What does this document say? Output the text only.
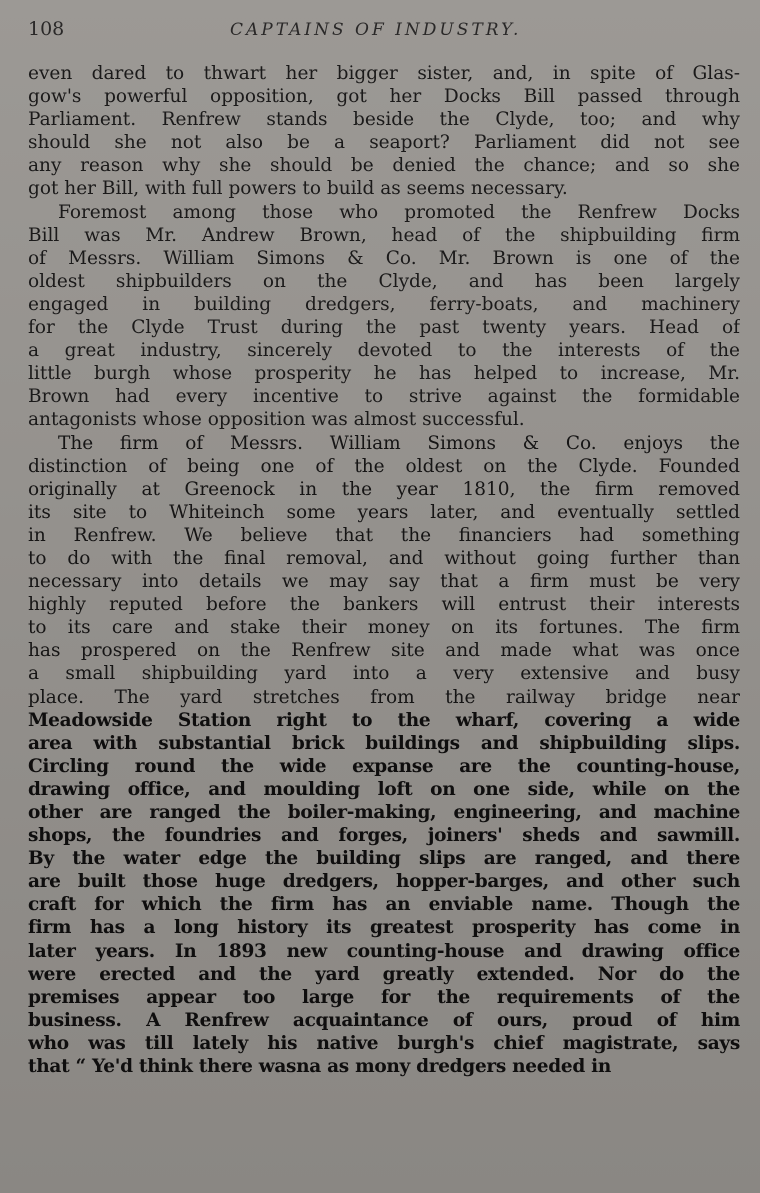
108	CAPTAINS OF INDUSTRY.
even dared to thwart her bigger sister, and, in spite of Glas-
gow's powerful opposition, got her Docks Bill passed through
Parliament. Renfrew stands beside the Clyde, too; and why
should she not also be a seaport? Parliament did not see
any reason why she should be denied the chance; and so she
got her Bill, with full powers to build as seems necessary.
Foremost among those who promoted the Renfrew Docks
Bill was Mr. Andrew Brown, head of the shipbuilding firm
of Messrs. William Simons & Co. Mr. Brown is one of the
oldest shipbuilders on the Clyde, and has been largely
engaged in building dredgers, ferry-boats, and machinery
for the Clyde Trust during the past twenty years. Head of
a great industry, sincerely devoted to the interests of the
little burgh whose prosperity he has helped to increase, Mr.
Brown had every incentive to strive against the formidable
antagonists whose opposition was almost successful.
The firm of Messrs. William Simons & Co. enjoys the
distinction of being one of the oldest on the Clyde. Founded
originally at Greenock in the year 1810, the firm removed
its site to Whiteinch some years later, and eventually settled
in Renfrew. We believe that the financiers had something
to do with the final removal, and without going further than
necessary into details we may say that a firm must be very
highly reputed before the bankers will entrust their interests
to its care and stake their money on its fortunes. The firm
has prospered on the Renfrew site and made what was once
a small shipbuilding yard into a very extensive and busy
place. The yard stretches from the railway bridge near
Meadowside Station right to the wharf, covering a wide
area with substantial brick buildings and shipbuilding slips.
Circling round the wide expanse are the counting-house,
drawing office, and moulding loft on one side, while on the
other are ranged the boiler-making, engineering, and machine
shops, the foundries and forges, joiners' sheds and sawmill.
By the water edge the building slips are ranged, and there
are built those huge dredgers, hopper-barges, and other such
craft for which the firm has an enviable name. Though the
firm has a long history its greatest prosperity has come in
later years. In 1893 new counting-house and drawing office
were erected and the yard greatly extended. Nor do the
premises appear too large for the requirements of the
business. A Renfrew acquaintance of ours, proud of him
who was till lately his native burgh's chief magistrate, says
that “ Ye'd think there wasna as mony dredgers needed in
